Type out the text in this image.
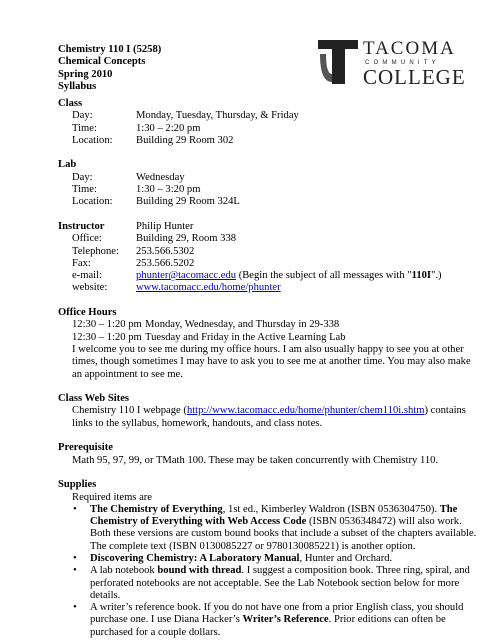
Chemistry 110 I (5258)
Chemical Concepts
Spring 2010
Syllabus
TACOMA
COMMUNITY
COLLEGE
Class
Day:	Monday, Tuesday, Thursday, & Friday
Time:	1:30 – 2:20 pm
Location:	Building 29 Room 302
Lab
Day:	Wednesday
Time:	1:30 – 3:20 pm
Location:	Building 29 Room 324L
Instructor	Philip Hunter
Office:	Building 29, Room 338
Telephone:	253.566.5302
Fax:	253.566.5202
e-mail:	phunter@tacomacc.edu (Begin the subject of all messages with "110I".)
website:	www.tacomacc.edu/home/phunter
Office Hours
12:30 – 1:20 pm Monday, Wednesday, and Thursday in 29-338
12:30 – 1:20 pm Tuesday and Friday in the Active Learning Lab
I welcome you to see me during my office hours. I am also usually happy to see you at other
times, though sometimes I may have to ask you to see me at another time. You may also make
an appointment to see me.
Class Web Sites
Chemistry 110 I webpage (http://www.tacomacc.edu/home/phunter/chem110i.shtm) contains
links to the syllabus, homework, handouts, and class notes.
Prerequisite
Math 95, 97, 99, or TMath 100. These may be taken concurrently with Chemistry 110.
Supplies
Required items are
• The Chemistry of Everything, 1st ed., Kimberley Waldron (ISBN 0536304750). The
Chemistry of Everything with Web Access Code (ISBN 0536348472) will also work.
Both these versions are custom bound books that include a subset of the chapters available.
The complete text (ISBN 0130085227 or 9780130085221) is another option.
• Discovering Chemistry: A Laboratory Manual, Hunter and Orchard.
• A lab notebook bound with thread. I suggest a composition book. Three ring, spiral, and
perforated notebooks are not acceptable. See the Lab Notebook section below for more
details.
• A writer’s reference book. If you do not have one from a prior English class, you should
purchase one. I use Diana Hacker’s Writer’s Reference. Prior editions can often be
purchased for a couple dollars.
